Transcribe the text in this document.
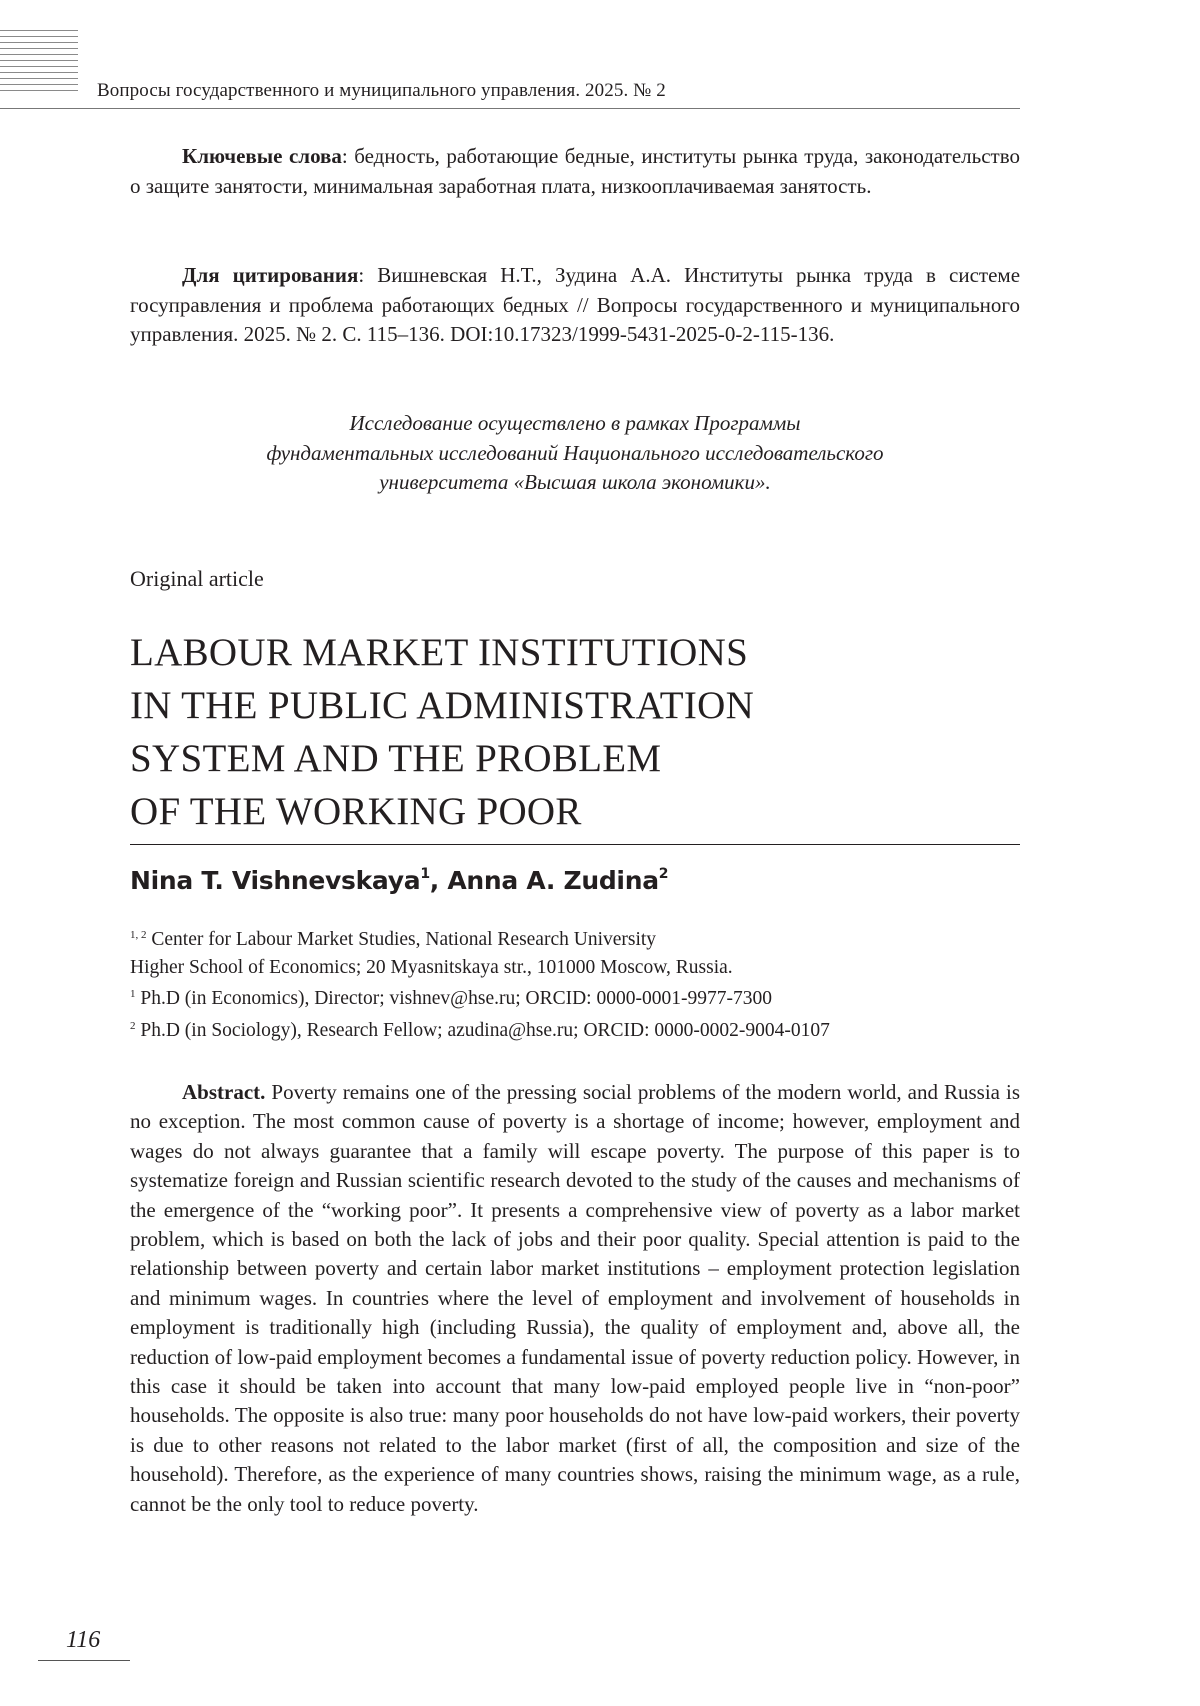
Вопросы государственного и муниципального управления. 2025. № 2

Ключевые слова: бедность, работающие бедные, институты рынка труда, законодательство о защите занятости, минимальная заработная плата, низкооплачиваемая занятость.

Для цитирования: Вишневская Н.Т., Зудина А.А. Институты рынка труда в системе госуправления и проблема работающих бедных // Вопросы государственного и муниципального управления. 2025. № 2. С. 115–136. DOI:10.17323/1999-5431-2025-0-2-115-136.

Исследование осуществлено в рамках Программы
фундаментальных исследований Национального исследовательского
университета «Высшая школа экономики».
Original article
LABOUR MARKET INSTITUTIONS
IN THE PUBLIC ADMINISTRATION
SYSTEM AND THE PROBLEM
OF THE WORKING POOR
Nina T. Vishnevskaya$^1$, Anna A. Zudina$^2$
$^{1, 2}$ Center for Labour Market Studies, National Research University
Higher School of Economics; 20 Myasnitskaya str., 101000 Moscow, Russia.
$^1$ Ph.D (in Economics), Director; vishnev@hse.ru; ORCID: 0000-0001-9977-7300
$^2$ Ph.D (in Sociology), Research Fellow; azudina@hse.ru; ORCID: 0000-0002-9004-0107

Abstract. Poverty remains one of the pressing social problems of the modern world, and Russia is no exception. The most common cause of poverty is a shortage of income; however, employment and wages do not always guarantee that a family will escape poverty. The purpose of this paper is to systematize foreign and Russian scientific research devoted to the study of the causes and mechanisms of the emergence of the “working poor”. It presents a comprehensive view of poverty as a labor market problem, which is based on both the lack of jobs and their poor quality. Special attention is paid to the relationship between poverty and certain labor market institutions – employment protection legislation and minimum wages. In countries where the level of employment and involvement of households in employment is traditionally high (including Russia), the quality of employment and, above all, the reduction of low-paid employment becomes a fundamental issue of poverty reduction policy. However, in this case it should be taken into account that many low-paid employed people live in “non-poor” households. The opposite is also true: many poor households do not have low-paid workers, their poverty is due to other reasons not related to the labor market (first of all, the composition and size of the household). Therefore, as the experience of many countries shows, raising the minimum wage, as a rule, cannot be the only tool to reduce poverty.

116
